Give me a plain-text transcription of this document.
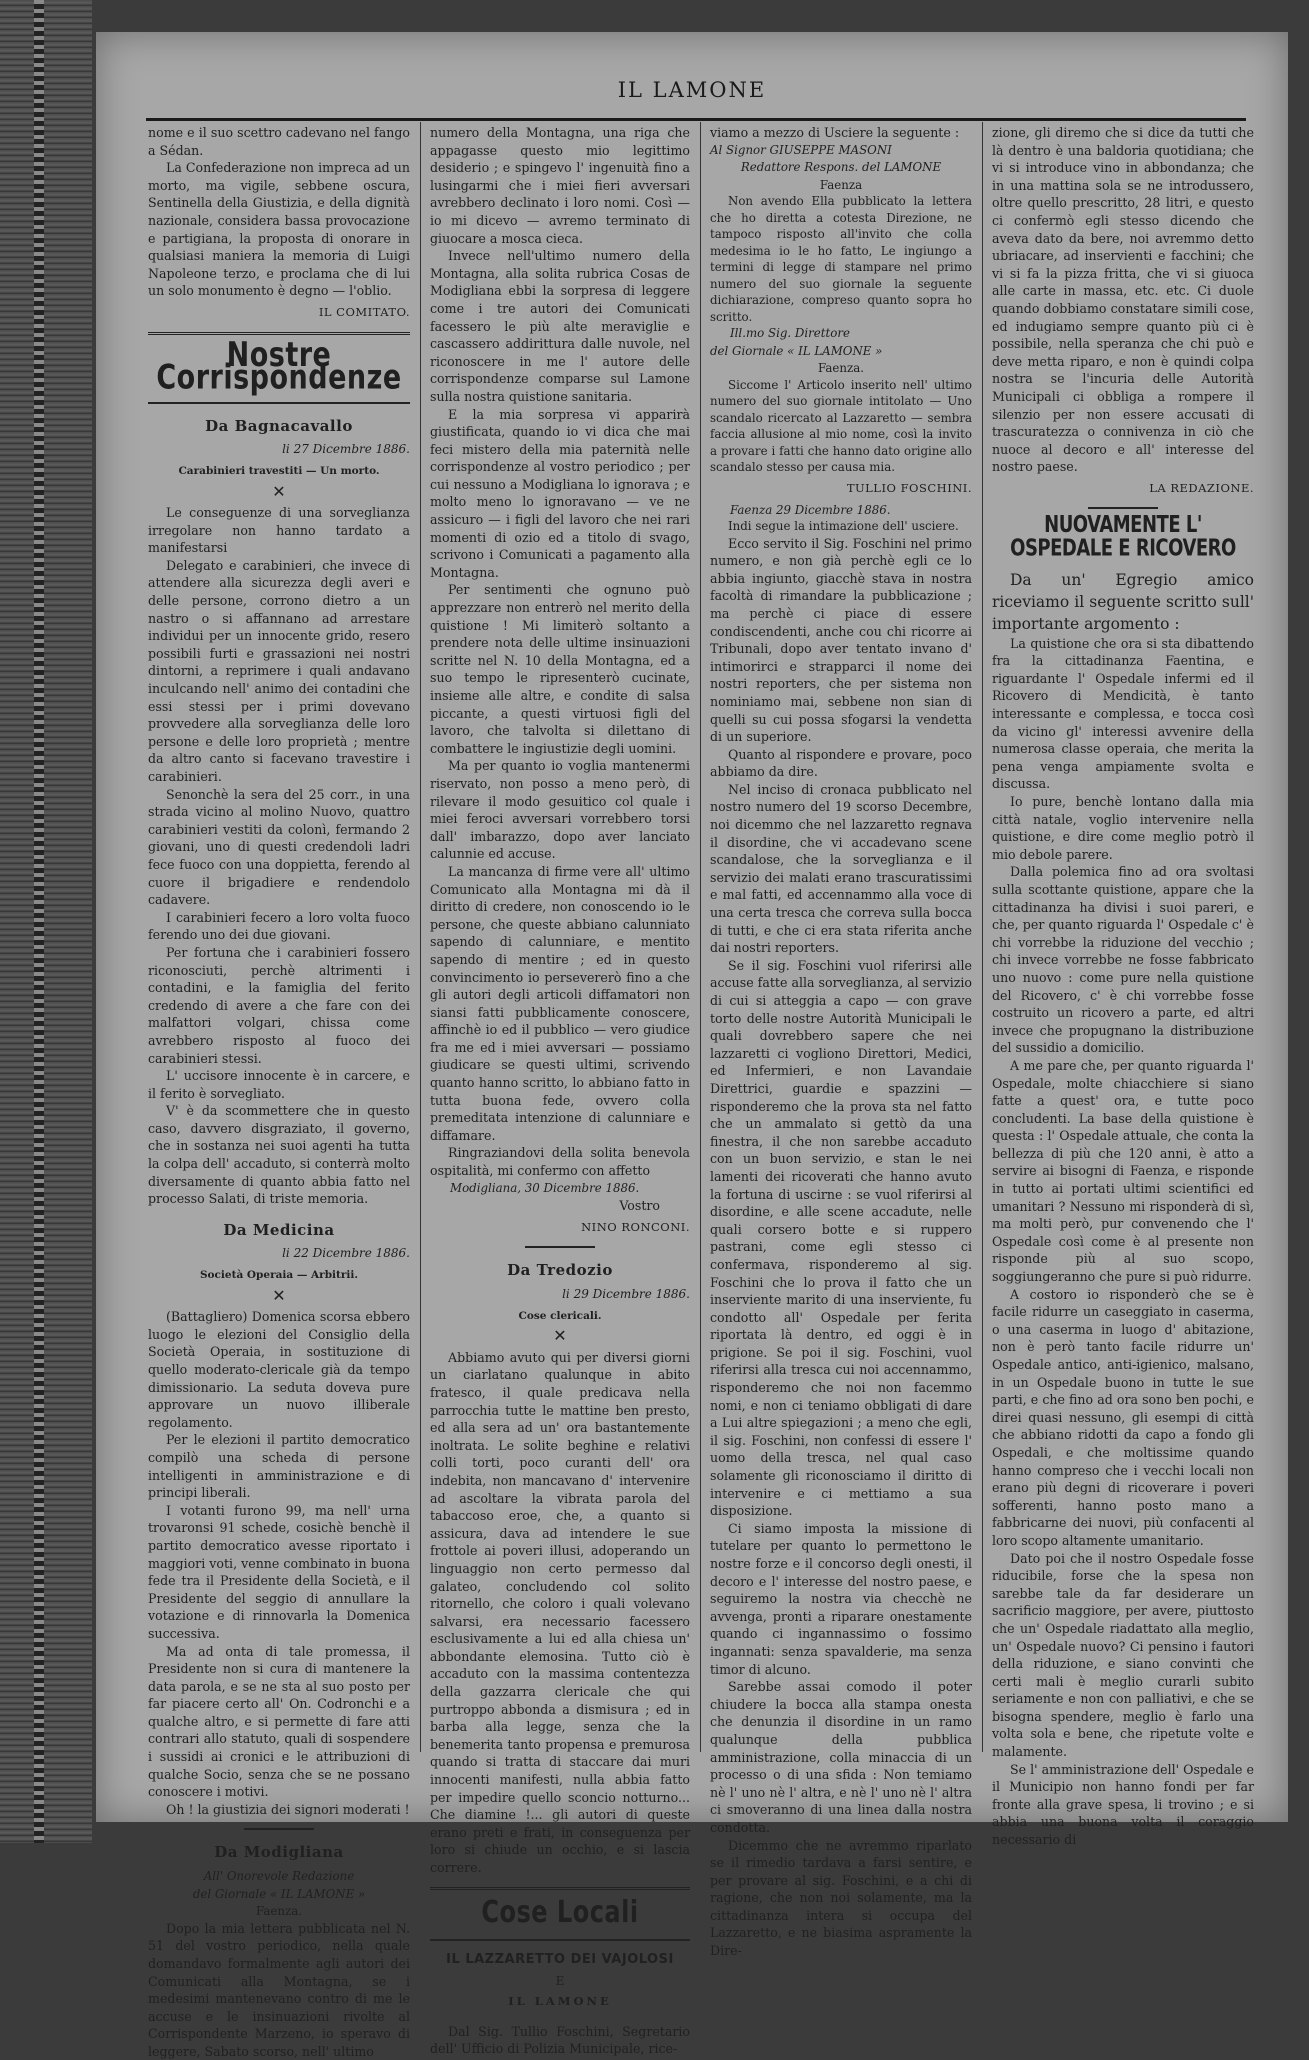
IL LAMONE

nome e il suo scettro cadevano nel fango a Sédan.

La Confederazione non imprecа ad un morto, ma vigile, sebbene oscura, Sentinella della Giustizia, e della dignità nazionale, considera bassa provocazione e partigiana, la proposta di onorare in qualsiasi maniera la memoria di Luigi Napoleone terzo, e proclama che di lui un solo monumento è degno — l'oblio.

IL COMITATO.
Nostre Corrispondenze
Da Bagnacavallo
li 27 Dicembre 1886.
Carabinieri travestiti — Un morto.
✕

Le conseguenze di una sorveglianza irregolare non hanno tardato a manifestarsi

Delegato e carabinieri, che invece di attendere alla sicurezza degli averi e delle persone, corrono dietro a un nastro o si affannano ad arrestare individui per un innocente grido, resero possibili furti e grassazioni nei nostri dintorni, a reprimere i quali andavano inculcando nell' animo dei contadini che essi stessi per i primi dovevano provvedere alla sorveglianza delle loro persone e delle loro proprietà ; mentre da altro canto si facevano travestire i carabinieri.

Senonchè la sera del 25 corr., in una strada vicino al molino Nuovo, quattro carabinieri vestiti da colonì, fermando 2 giovani, uno di questi credendoli ladri fece fuoco con una doppietta, ferendo al cuore il brigadiere e rendendolo cadavere.

I carabinieri fecero a loro volta fuoco ferendo uno dei due giovani.

Per fortuna che i carabinieri fossero riconosciuti, perchè altrimenti i contadini, e la famiglia del ferito credendo di avere a che fare con dei malfattori volgari, chissa come avrebbero risposto al fuoco dei carabinieri stessi.

L' uccisore innocente è in carcere, e il ferito è sorvegliato.

V' è da scommettere che in questo caso, davvero disgraziato, il governo, che in sostanza nei suoi agenti ha tutta la colpa dell' accaduto, si conterrà molto diversamente di quanto abbia fatto nel processo Salati, di triste memoria.

Da Medicina
li 22 Dicembre 1886.
Società Operaia — Arbitrii.
✕

(Battagliero) Domenica scorsa ebbero luogo le elezioni del Consiglio della Società Operaia, in sostituzione di quello moderato-clericale già da tempo dimissionario. La seduta doveva pure approvare un nuovo illiberale regolamento.

Per le elezioni il partito democratico compilò una scheda di persone intelligenti in amministrazione e di principi liberali.

I votanti furono 99, ma nell' urna trovaronsi 91 schede, cosichè benchè il partito democratico avesse riportato i maggiori voti, venne combinato in buona fede tra il Presidente della Società, e il Presidente del seggio di annullare la votazione e di rinnovarla la Domenica successiva.

Ma ad onta di tale promessa, il Presidente non si cura di mantenere la data parola, e se ne sta al suo posto per far piacere certo all' On. Codronchi e a qualche altro, e si permette di fare atti contrari allo statuto, quali di sospendere i sussidi ai cronici e le attribuzioni di qualche Socio, senza che se ne possano conoscere i motivi.

Oh ! la giustizia dei signori moderati !

Da Modigliana
All' Onorevole Redazione
del Giornale « IL LAMONE »
Faenza.

Dopo la mia lettera pubblicata nel N. 51 del vostro periodico, nella quale domandavo formalmente agli autori dei Comunicati alla Montagna, se i medesimi mantenevano contro di me le accuse e le insinuazioni rivolte al Corrispondente Marzeno, io speravo di leggere, Sabato scorso, nell' ultimo

numero della Montagna, una riga che appagasse questo mio legittimo desiderio ; e spingevo l' ingenuità fino a lusingarmi che i miei fieri avversari avrebbero declinato i loro nomi. Così — io mi dicevo — avremo terminato di giuocare a mosca cieca.

Invece nell'ultimo numero della Montagna, alla solita rubrica Cosas de Modigliana ebbi la sorpresa di leggere come i tre autori dei Comunicati facessero le più alte meraviglie e cascassero addirittura dalle nuvole, nel riconoscere in me l' autore delle corrispondenze comparse sul Lamone sulla nostra quistione sanitaria.

E la mia sorpresa vi apparirà giustificata, quando io vi dica che mai feci mistero della mia paternità nelle corrispondenze al vostro periodico ; per cui nessuno a Modigliana lo ignorava ; e molto meno lo ignoravano — ve ne assicuro — i figli del lavoro che nei rari momenti di ozio ed a titolo di svago, scrivono i Comunicati a pagamento alla Montagna.

Per sentimenti che ognuno può apprezzare non entrerò nel merito della quistione ! Mi limiterò soltanto a prendere nota delle ultime insinuazioni scritte nel N. 10 della Montagna, ed a suo tempo le ripresenterò cucinate, insieme alle altre, e condite di salsa piccante, a questi virtuosi figli del lavoro, che talvolta si dilettano di combattere le ingiustizie degli uomini.

Ma per quanto io voglia mantenermi riservato, non posso a meno però, di rilevare il modo gesuitico col quale i miei feroci avversari vorrebbero torsi dall' imbarazzo, dopo aver lanciato calunnie ed accuse.

La mancanza di firme vere all' ultimo Comunicato alla Montagna mi dà il diritto di credere, non conoscendo io le persone, che queste abbiano calunniato sapendo di calunniare, e mentito sapendo di mentire ; ed in questo convincimento io persevererò fino a che gli autori degli articoli diffamatori non siansi fatti pubblicamente conoscere, affinchè io ed il pubblico — vero giudice fra me ed i miei avversari — possiamo giudicare se questi ultimi, scrivendo quanto hanno scritto, lo abbiano fatto in tutta buona fede, ovvero colla premeditata intenzione di calunniare e diffamare.

Ringraziandovi della solita benevola ospitalità, mi confermo con affetto

Modigliana, 30 Dicembre 1886.
Vostro
NINO RONCONI.
Da Tredozio
li 29 Dicembre 1886.
Cose clericali.
✕

Abbiamo avuto qui per diversi giorni un ciarlatano qualunque in abito fratesco, il quale predicava nella parrocchia tutte le mattine ben presto, ed alla sera ad un' ora bastantemente inoltrata. Le solite beghine e relativi colli torti, poco curanti dell' ora indebita, non mancavano d' intervenire ad ascoltare la vibrata parola del tabaccoso eroe, che, a quanto si assicura, dava ad intendere le sue frottole ai poveri illusi, adoperando un linguaggio non certo permesso dal galateo, concludendo col solito ritornello, che coloro i quali volevano salvarsi, era necessario facessero esclusivamente a lui ed alla chiesa un' abbondante elemosina. Tutto ciò è accaduto con la massima contentezza della gazzarra clericale che qui purtroppo abbonda a dismisura ; ed in barba alla legge, senza che la benemerita tanto propensa e premurosa quando si tratta di staccare dai muri innocenti manifesti, nulla abbia fatto per impedire quello sconcio notturno... Che diamine !... gli autori di queste erano preti e frati, in conseguenza per loro si chiude un occhio, e si lascia correre.

Cose Locali
IL LAZZARETTO DEI VAJOLOSI
E
IL LAMONE

Dal Sig. Tullio Foschini, Segretario dell' Ufficio di Polizia Municipale, rice-

viamo a mezzo di Usciere la seguente :

Al Signor GIUSEPPE MASONI
Redattore Respons. del LAMONE
Faenza

Non avendo Ella pubblicato la lettera che ho diretta a cotesta Direzione, ne tampoco risposto all'invito che colla medesima io le ho fatto, Le ingiungo a termini di legge di stampare nel primo numero del suo giornale la seguente dichiarazione, compreso quanto sopra ho scritto.

Ill.mo Sig. Direttore
del Giornale « IL LAMONE »
Faenza.

Siccome l' Articolo inserito nell' ultimo numero del suo giornale intitolato — Uno scandalo ricercato al Lazzaretto — sembra faccia allusione al mio nome, così la invito a provare i fatti che hanno dato origine allo scandalo stesso per causa mia.

TULLIO FOSCHINI.
Faenza 29 Dicembre 1886.

Indi segue la intimazione dell' usciere.

Ecco servito il Sig. Foschini nel primo numero, e non già perchè egli ce lo abbia ingiunto, giacchè stava in nostra facoltà di rimandare la pubblicazione ; ma perchè ci piace di essere condiscendenti, anche cou chi ricorre ai Tribunali, dopo aver tentato invano d' intimorirci e strapparci il nome dei nostri reporters, che per sistema non nominiamo mai, sebbene non sian di quelli su cui possa sfogarsi la vendetta di un superiore.

Quanto al rispondere e provare, poco abbiamo da dire.

Nel inciso di cronaca pubblicato nel nostro numero del 19 scorso Decembre, noi dicemmo che nel lazzaretto regnava il disordine, che vi accadevano scene scandalose, che la sorveglianza e il servizio dei malati erano trascuratissimi e mal fatti, ed accennammo alla voce di una certa tresca che correva sulla bocca di tutti, e che ci era stata riferita anche dai nostri reporters.

Se il sig. Foschini vuol riferirsi alle accuse fatte alla sorveglianza, al servizio di cui si atteggia a capo — con grave torto delle nostre Autorità Municipali le quali dovrebbero sapere che nei lazzaretti ci vogliono Direttori, Medici, ed Infermieri, e non Lavandaie Direttrici, guardie e spazzini — risponderemo che la prova sta nel fatto che un ammalato si gettò da una finestra, il che non sarebbe accaduto con un buon servizio, e stan le nei lamenti dei ricoverati che hanno avuto la fortuna di uscirne : se vuol riferirsi al disordine, e alle scene accadute, nelle quali corsero botte e si ruppero pastrani, come egli stesso ci confermava, risponderemo al sig. Foschini che lo prova il fatto che un inserviente marito di una inserviente, fu condotto all' Ospedale per ferita riportata là dentro, ed oggi è in prigione. Se poi il sig. Foschini, vuol riferirsi alla tresca cui noi accennammo, risponderemo che noi non facemmo nomi, e non ci teniamo obbligati di dare a Lui altre spiegazioni ; a meno che egli, il sig. Foschini, non confessi di essere l' uomo della tresca, nel qual caso solamente gli riconosciamo il diritto di intervenire e ci mettiamo a sua disposizione.

Ci siamo imposta la missione di tutelare per quanto lo permettono le nostre forze e il concorso degli onesti, il decoro e l' interesse del nostro paese, e seguiremo la nostra via checchè ne avvenga, pronti a riparare onestamente quando ci ingannassimo o fossimo ingannati: senza spavalderie, ma senza timor di alcuno.

Sarebbe assai comodo il poter chiudere la bocca alla stampa onesta che denunzia il disordine in un ramo qualunque della pubblica amministrazione, colla minaccia di un processo o di una sfida : Non temiamo nè l' uno nè l' altra, e nè l' uno nè l' altra ci smoveranno di una linea dalla nostra condotta.

Dicemmo che ne avremmo riparlato se il rimedio tardava a farsi sentire, e per provare al sig. Foschini, e a chi di ragione, che non noi solamente, ma la cittadinanza intera si occupa del Lazzaretto, e ne biasima aspramente la Dire-

zione, gli diremo che si dice da tutti che là dentro è una baldoria quotidiana; che vi si introduce vino in abbondanza; che in una mattina sola se ne introdussero, oltre quello prescritto, 28 litri, e questo ci confermò egli stesso dicendo che aveva dato da bere, noi avremmo detto ubriacare, ad inservienti e facchini; che vi si fa la pizza fritta, che vi si giuoca alle carte in massa, etc. etc. Ci duole quando dobbiamo constatare simili cose, ed indugiamo sempre quanto più ci è possibile, nella speranza che chi può e deve metta riparo, e non è quindi colpa nostra se l'incuria delle Autorità Municipali ci obbliga a rompere il silenzio per non essere accusati di trascuratezza o connivenza in ciò che nuoce al decoro e all' interesse del nostro paese.

LA REDAZIONE.
NUOVAMENTE L' OSPEDALE E RICOVERO

Da un' Egregio amico riceviamo il seguente scritto sull' importante argomento :

La quistione che ora si sta dibattendo fra la cittadinanza Faentina, e riguardante l' Ospedale infermi ed il Ricovero di Mendicità, è tanto interessante e complessa, e tocca così da vicino gl' interessi avvenire della numerosa classe operaia, che merita la pena venga ampiamente svolta e discussa.

Io pure, benchè lontano dalla mia città natale, voglio intervenire nella quistione, e dire come meglio potrò il mio debole parere.

Dalla polemica fino ad ora svoltasi sulla scottante quistione, appare che la cittadinanza ha divisi i suoi pareri, e che, per quanto riguarda l' Ospedale c' è chi vorrebbe la riduzione del vecchio ; chi invece vorrebbe ne fosse fabbricato uno nuovo : come pure nella quistione del Ricovero, c' è chi vorrebbe fosse costruito un ricovero a parte, ed altri invece che propugnano la distribuzione del sussidio a domicilio.

A me pare che, per quanto riguarda l' Ospedale, molte chiacchiere si siano fatte a quest' ora, e tutte poco concludenti. La base della quistione è questa : l' Ospedale attuale, che conta la bellezza di più che 120 anni, è atto a servire ai bisogni di Faenza, e risponde in tutto ai portati ultimi scientifici ed umanitari ? Nessuno mi risponderà di sì, ma molti però, pur convenendo che l' Ospedale così come è al presente non risponde più al suo scopo, soggiungeranno che pure si può ridurre.

A costoro io risponderò che se è facile ridurre un caseggiato in caserma, o una caserma in luogo d' abitazione, non è però tanto facile ridurre un' Ospedale antico, anti-igienico, malsano, in un Ospedale buono in tutte le sue parti, e che fino ad ora sono ben pochi, e direi quasi nessuno, gli esempi di città che abbiano ridotti da capo a fondo gli Ospedali, e che moltissime quando hanno compreso che i vecchi locali non erano più degni di ricoverare i poveri sofferenti, hanno posto mano a fabbricarne dei nuovi, più confacenti al loro scopo altamente umanitario.

Dato poi che il nostro Ospedale fosse riducibile, forse che la spesa non sarebbe tale da far desiderare un sacrificio maggiore, per avere, piuttosto che un' Ospedale riadattato alla meglio, un' Ospedale nuovo? Ci pensino i fautori della riduzione, e siano convinti che certi mali è meglio curarli subito seriamente e non con palliativi, e che se bisogna spendere, meglio è farlo una volta sola e bene, che ripetute volte e malamente.

Se l' amministrazione dell' Ospedale e il Municipio non hanno fondi per far fronte alla grave spesa, li trovino ; e si abbia una buona volta il coraggio necessario di
